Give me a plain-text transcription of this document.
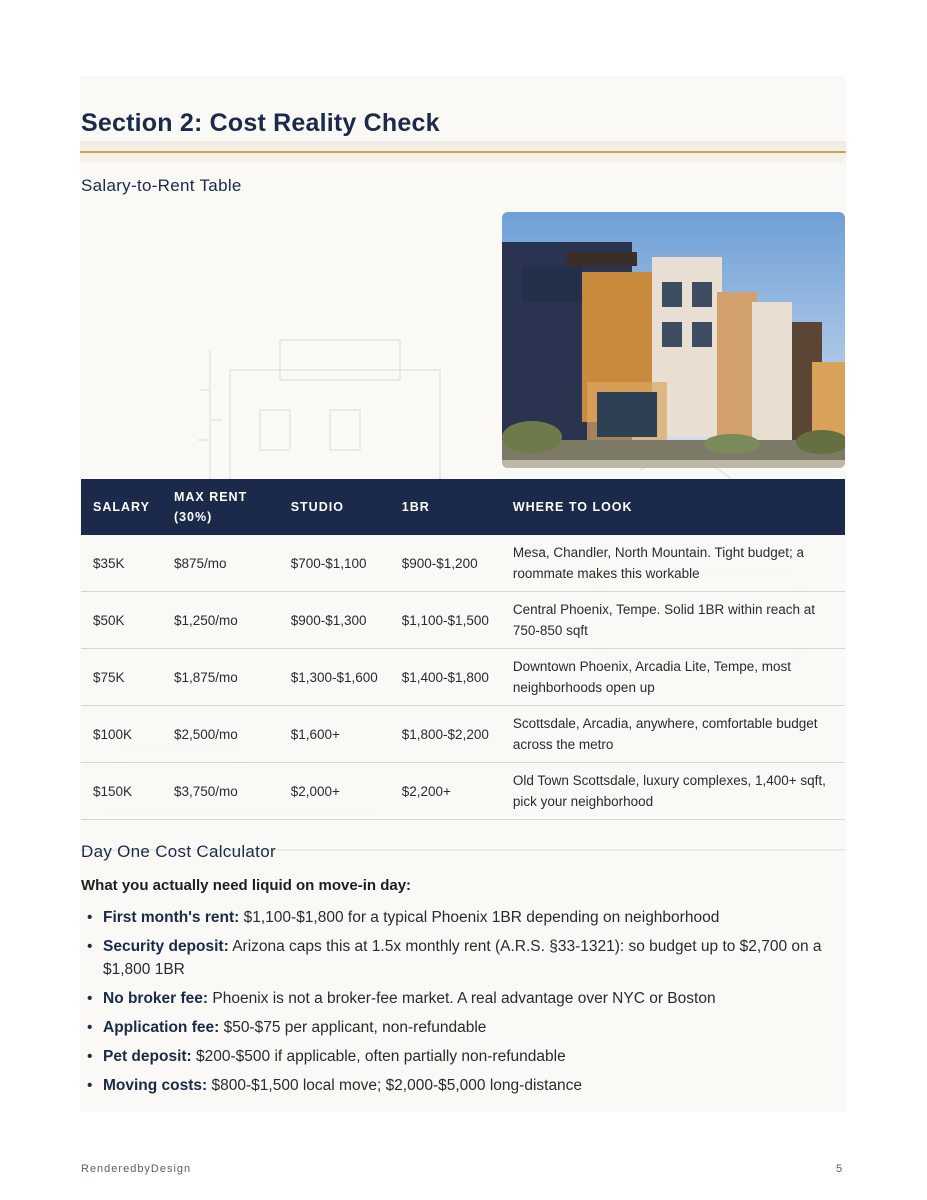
Section 2: Cost Reality Check
Salary-to-Rent Table
SALARY	MAX RENT (30%)	STUDIO	1BR	WHERE TO LOOK
$35K	$875/mo	$700-$1,100	$900-$1,200	Mesa, Chandler, North Mountain. Tight budget; a roommate makes this workable
$50K	$1,250/mo	$900-$1,300	$1,100-$1,500	Central Phoenix, Tempe. Solid 1BR within reach at 750-850 sqft
$75K	$1,875/mo	$1,300-$1,600	$1,400-$1,800	Downtown Phoenix, Arcadia Lite, Tempe, most neighborhoods open up
$100K	$2,500/mo	$1,600+	$1,800-$2,200	Scottsdale, Arcadia, anywhere, comfortable budget across the metro
$150K	$3,750/mo	$2,000+	$2,200+	Old Town Scottsdale, luxury complexes, 1,400+ sqft, pick your neighborhood
Day One Cost Calculator

What you actually need liquid on move-in day:

• First month's rent: $1,100-$1,800 for a typical Phoenix 1BR depending on neighborhood
• Security deposit: Arizona caps this at 1.5x monthly rent (A.R.S. §33-1321): so budget up to $2,700 on a $1,800 1BR
• No broker fee: Phoenix is not a broker-fee market. A real advantage over NYC or Boston
• Application fee: $50-$75 per applicant, non-refundable
• Pet deposit: $200-$500 if applicable, often partially non-refundable
• Moving costs: $800-$1,500 local move; $2,000-$5,000 long-distance
RenderedbyDesign	5
